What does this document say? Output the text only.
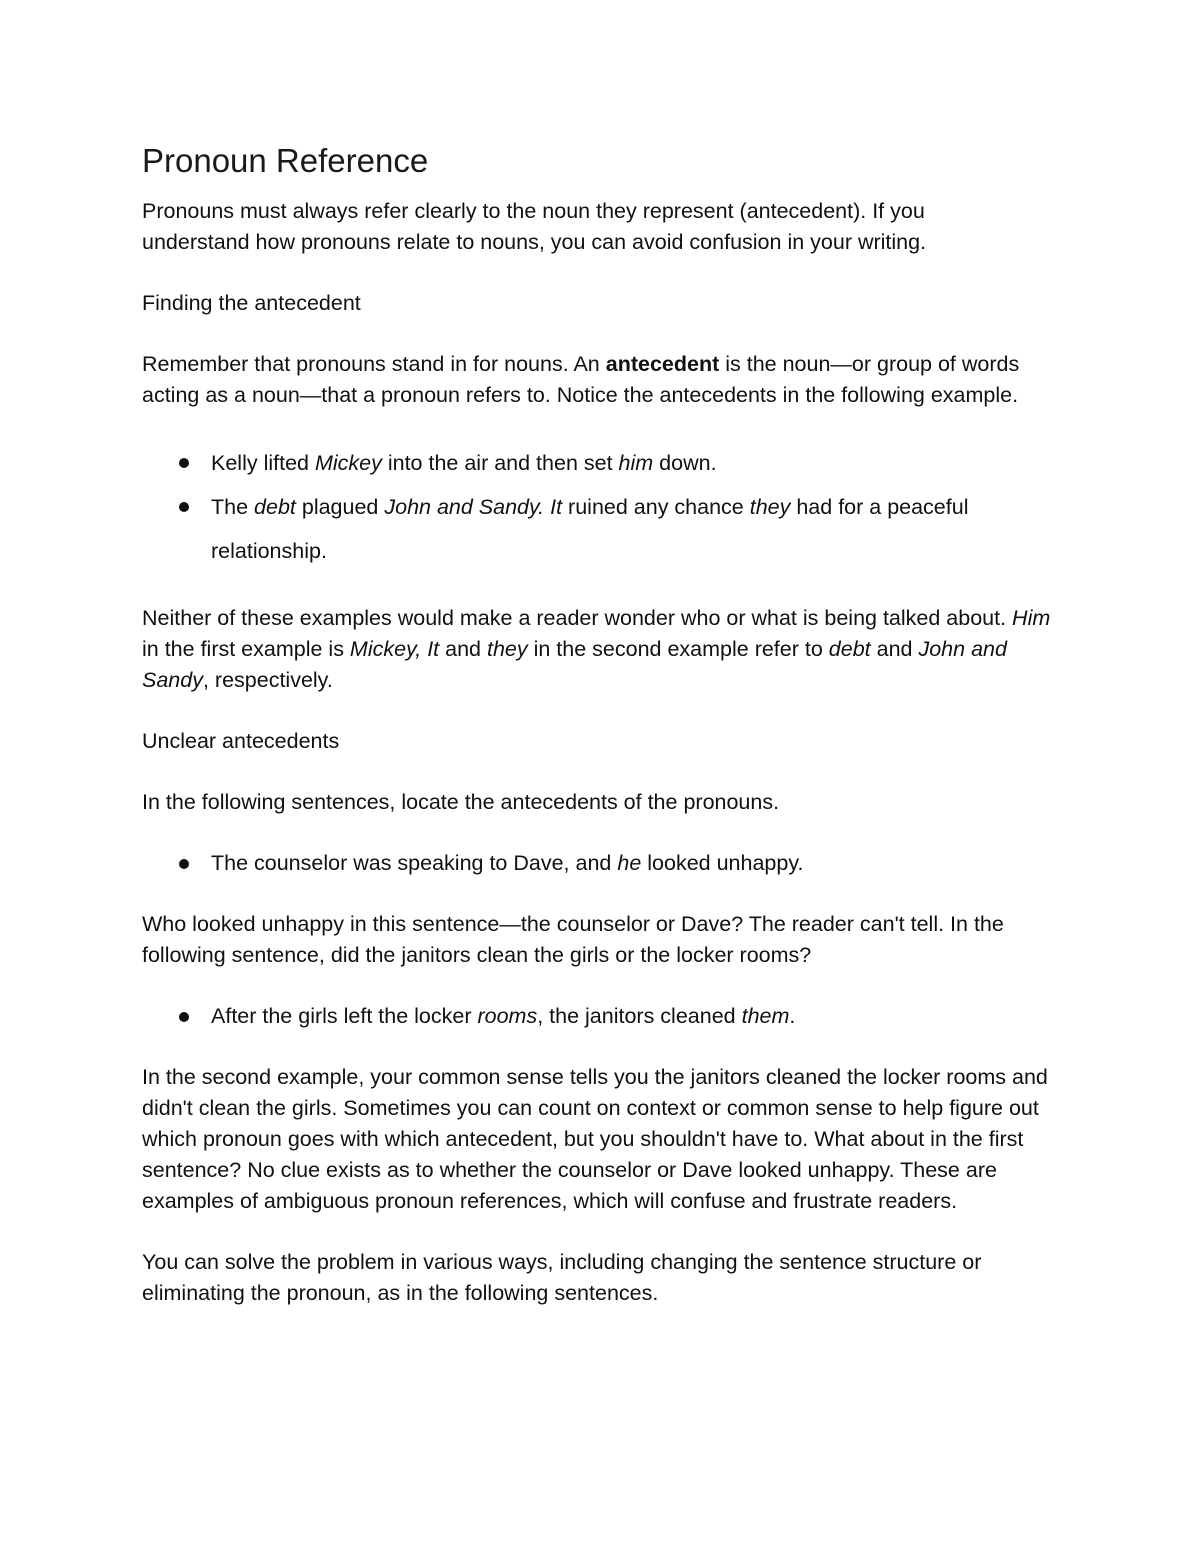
Pronoun Reference

Pronouns must always refer clearly to the noun they represent (antecedent). If you
understand how pronouns relate to nouns, you can avoid confusion in your writing.

Finding the antecedent

Remember that pronouns stand in for nouns. An antecedent is the noun—or group of words acting as a noun—that a pronoun refers to. Notice the antecedents in the following example.

Kelly lifted Mickey into the air and then set him down.
The debt plagued John and Sandy. It ruined any chance they had for a peaceful relationship.

Neither of these examples would make a reader wonder who or what is being talked about. Him in the first example is Mickey, It and they in the second example refer to debt and John and Sandy, respectively.

Unclear antecedents

In the following sentences, locate the antecedents of the pronouns.

The counselor was speaking to Dave, and he looked unhappy.

Who looked unhappy in this sentence—the counselor or Dave? The reader can't tell. In the following sentence, did the janitors clean the girls or the locker rooms?

After the girls left the locker rooms, the janitors cleaned them.

In the second example, your common sense tells you the janitors cleaned the locker rooms and didn't clean the girls. Sometimes you can count on context or common sense to help figure out which pronoun goes with which antecedent, but you shouldn't have to. What about in the first sentence? No clue exists as to whether the counselor or Dave looked unhappy. These are examples of ambiguous pronoun references, which will confuse and frustrate readers.

You can solve the problem in various ways, including changing the sentence structure or eliminating the pronoun, as in the following sentences.
